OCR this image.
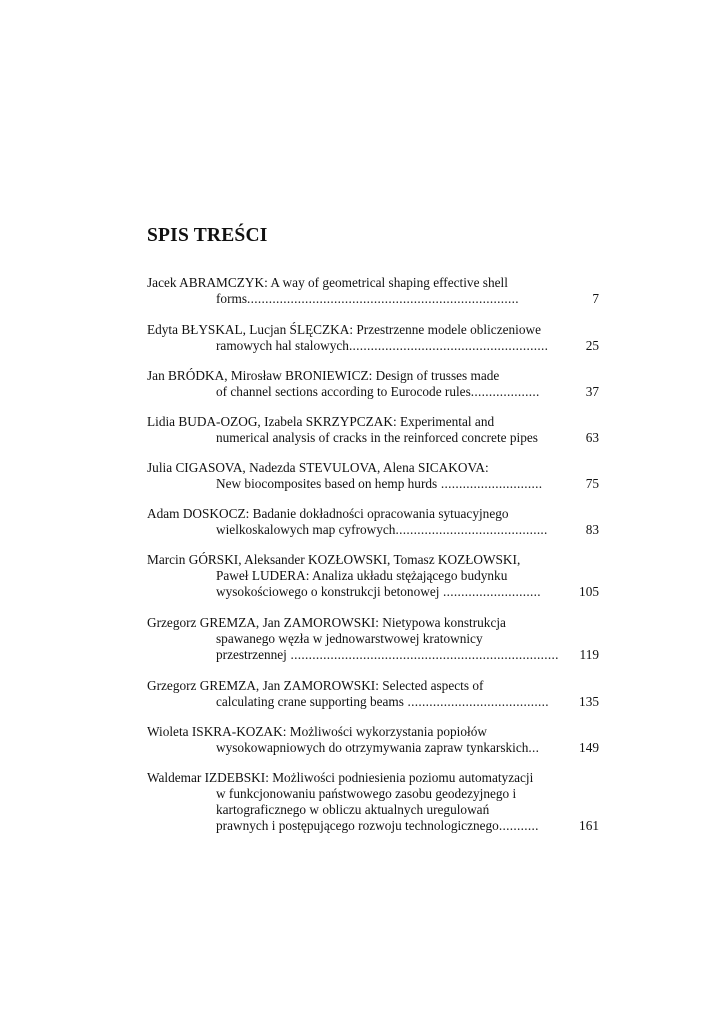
SPIS TREŚCI
Jacek ABRAMCZYK: A way of geometrical shaping effective shell
forms...........................................................................	7
Edyta BŁYSKAL, Lucjan ŚLĘCZKA: Przestrzenne modele obliczeniowe
ramowych hal stalowych.......................................................	25
Jan BRÓDKA, Mirosław BRONIEWICZ: Design of trusses made
of channel sections according to Eurocode rules...................	37
Lidia BUDA-OZOG, Izabela SKRZYPCZAK: Experimental and
numerical analysis of cracks in the reinforced concrete pipes	63
Julia CIGASOVA, Nadezda STEVULOVA, Alena SICAKOVA:
New biocomposites based on hemp hurds ............................	75
Adam DOSKOCZ: Badanie dokładności opracowania sytuacyjnego
wielkoskalowych map cyfrowych..........................................	83
Marcin GÓRSKI, Aleksander KOZŁOWSKI, Tomasz KOZŁOWSKI,
Paweł LUDERA: Analiza układu stężającego budynku
wysokościowego o konstrukcji betonowej ...........................	105
Grzegorz GREMZA, Jan ZAMOROWSKI: Nietypowa konstrukcja
spawanego węzła w jednowarstwowej kratownicy
przestrzennej ..........................................................................	119
Grzegorz GREMZA, Jan ZAMOROWSKI: Selected aspects of
calculating crane supporting beams .......................................	135
Wioleta ISKRA-KOZAK: Możliwości wykorzystania popiołów
wysokowapniowych do otrzymywania zapraw tynkarskich...	149
Waldemar IZDEBSKI: Możliwości podniesienia poziomu automatyzacji
w funkcjonowaniu państwowego zasobu geodezyjnego i
kartograficznego w obliczu aktualnych uregulowań
prawnych i postępującego rozwoju technologicznego...........	161
